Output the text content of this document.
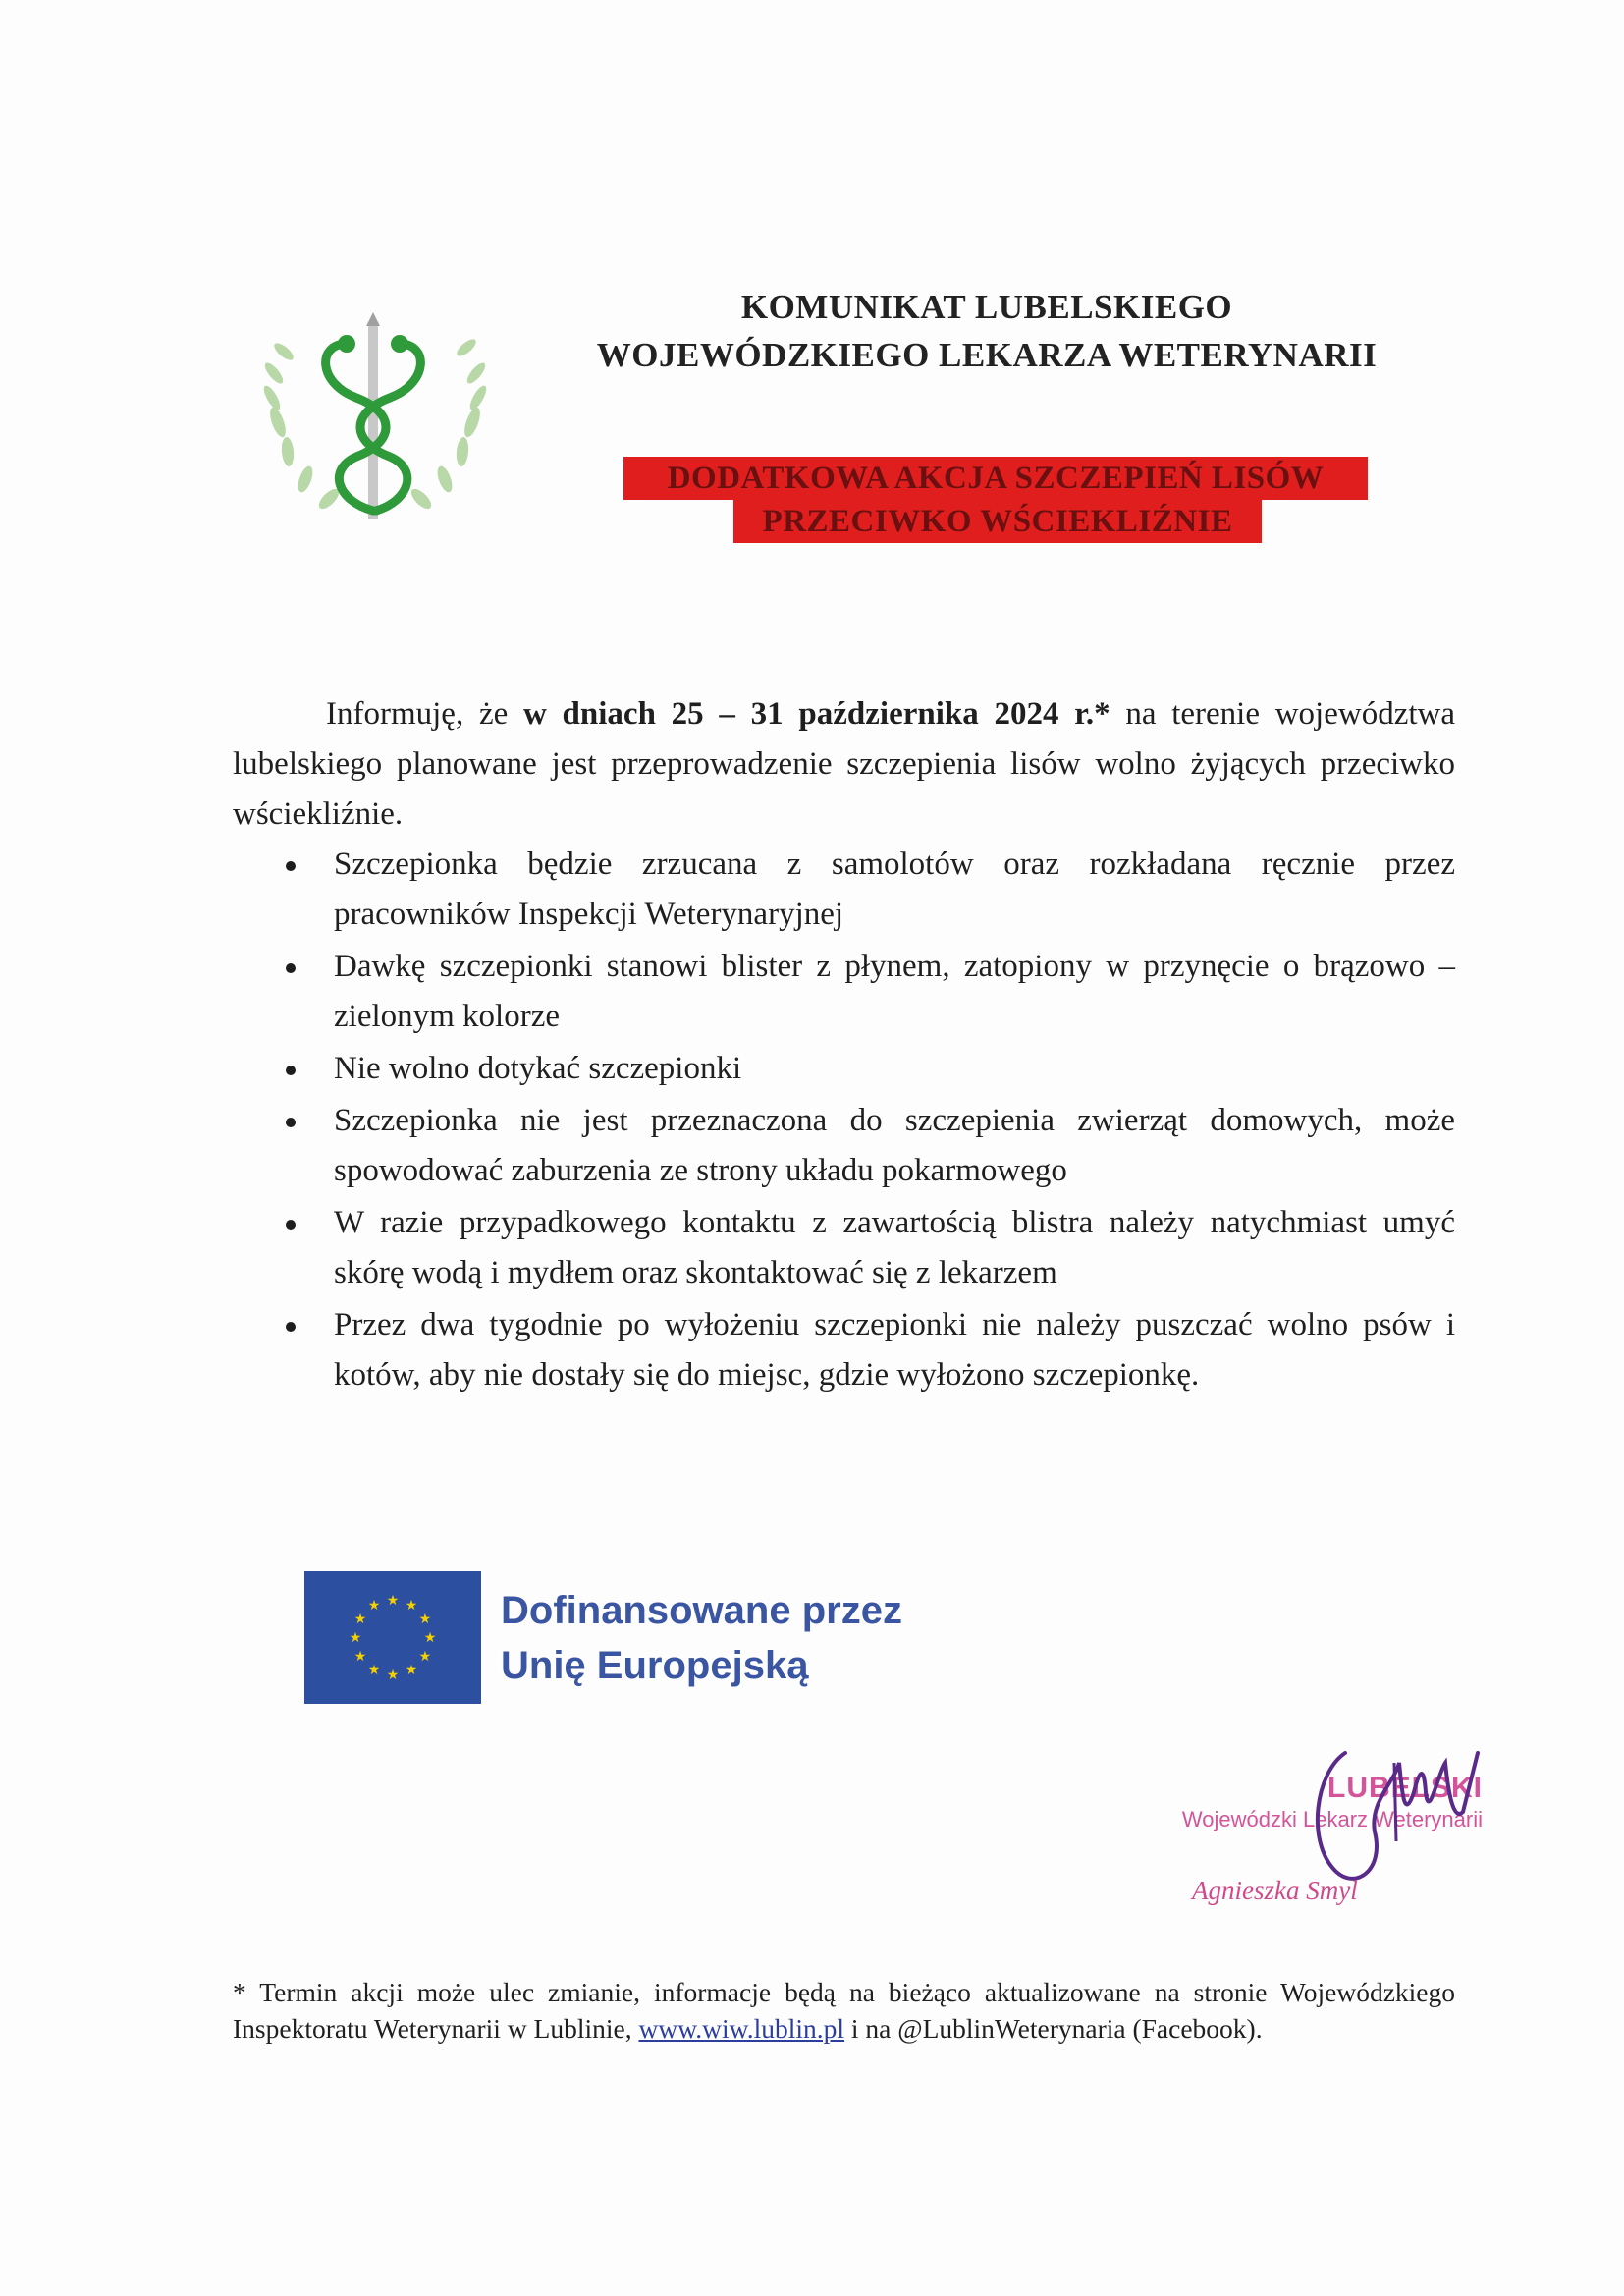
KOMUNIKAT LUBELSKIEGO
WOJEWÓDZKIEGO LEKARZA WETERYNARII
DODATKOWA AKCJA SZCZEPIEŃ LISÓW
PRZECIWKO WŚCIEKLIŹNIE
Informuję, że w dniach 25 – 31 października 2024 r.* na terenie województwa lubelskiego planowane jest przeprowadzenie szczepienia lisów wolno żyjących przeciwko wściekliźnie.
Szczepionka będzie zrzucana z samolotów oraz rozkładana ręcznie przez pracowników Inspekcji Weterynaryjnej
Dawkę szczepionki stanowi blister z płynem, zatopiony w przynęcie o brązowo – zielonym kolorze
Nie wolno dotykać szczepionki
Szczepionka nie jest przeznaczona do szczepienia zwierząt domowych, może spowodować zaburzenia ze strony układu pokarmowego
W razie przypadkowego kontaktu z zawartością blistra należy natychmiast umyć skórę wodą i mydłem oraz skontaktować się z lekarzem
Przez dwa tygodnie po wyłożeniu szczepionki nie należy puszczać wolno psów i kotów, aby nie dostały się do miejsc, gdzie wyłożono szczepionkę.
★ ★
★
★
★
★
★
★
★
★
★
★	Dofinansowane przez
Unię Europejską
LUBELSKI
Wojewódzki Lekarz Weterynarii
Agnieszka Smyl
* Termin akcji może ulec zmianie, informacje będą na bieżąco aktualizowane na stronie Wojewódzkiego Inspektoratu Weterynarii w Lublinie, www.wiw.lublin.pl i na @LublinWeterynaria (Facebook).
